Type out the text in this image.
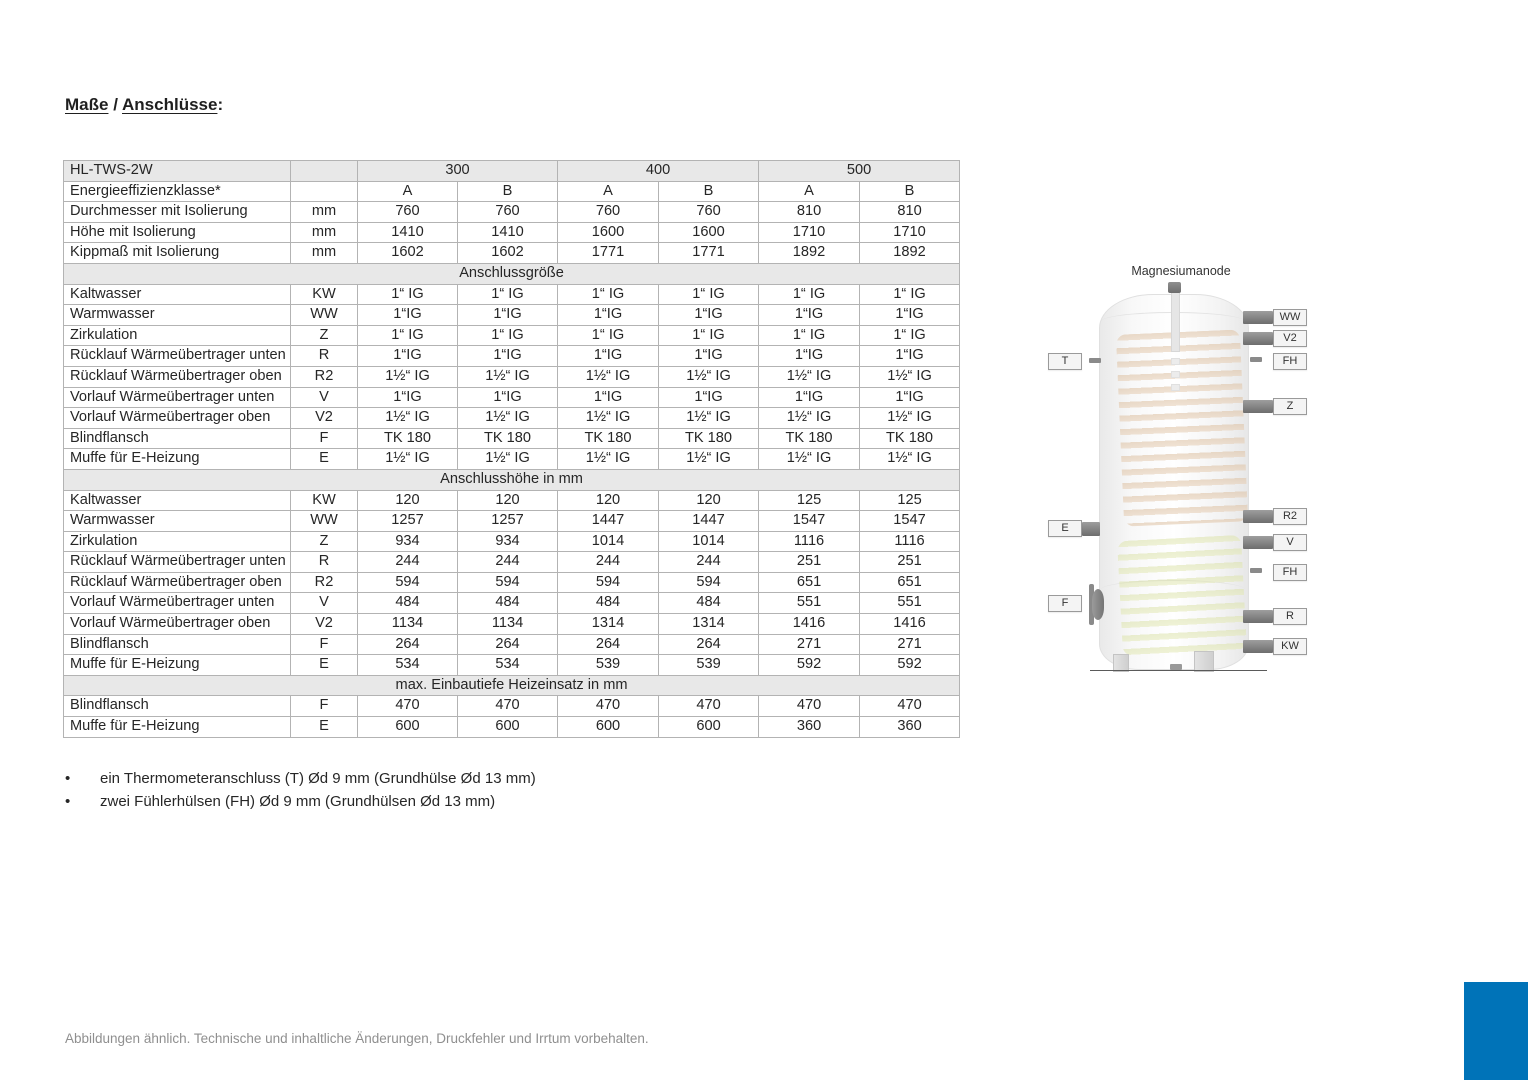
Maße / Anschlüsse:
HL-TWS-2W		300		400		500	
Energieeffizienzklasse*		A	B	A	B	A	B
Durchmesser mit Isolierung	mm	760	760	760	760	810	810
Höhe mit Isolierung	mm	1410	1410	1600	1600	1710	1710
Kippmaß mit Isolierung	mm	1602	1602	1771	1771	1892	1892
Anschlussgröße							
Kaltwasser	KW	1“ IG	1“ IG	1“ IG	1“ IG	1“ IG	1“ IG
Warmwasser	WW	1“IG	1“IG	1“IG	1“IG	1“IG	1“IG
Zirkulation	Z	1“ IG	1“ IG	1“ IG	1“ IG	1“ IG	1“ IG
Rücklauf Wärmeübertrager unten	R	1“IG	1“IG	1“IG	1“IG	1“IG	1“IG
Rücklauf Wärmeübertrager oben	R2	1½“ IG	1½“ IG	1½“ IG	1½“ IG	1½“ IG	1½“ IG
Vorlauf Wärmeübertrager unten	V	1“IG	1“IG	1“IG	1“IG	1“IG	1“IG
Vorlauf Wärmeübertrager oben	V2	1½“ IG	1½“ IG	1½“ IG	1½“ IG	1½“ IG	1½“ IG
Blindflansch	F	TK 180	TK 180	TK 180	TK 180	TK 180	TK 180
Muffe für E-Heizung	E	1½“ IG	1½“ IG	1½“ IG	1½“ IG	1½“ IG	1½“ IG
Anschlusshöhe in mm							
Kaltwasser	KW	120	120	120	120	125	125
Warmwasser	WW	1257	1257	1447	1447	1547	1547
Zirkulation	Z	934	934	1014	1014	1116	1116
Rücklauf Wärmeübertrager unten	R	244	244	244	244	251	251
Rücklauf Wärmeübertrager oben	R2	594	594	594	594	651	651
Vorlauf Wärmeübertrager unten	V	484	484	484	484	551	551
Vorlauf Wärmeübertrager oben	V2	1134	1134	1314	1314	1416	1416
Blindflansch	F	264	264	264	264	271	271
Muffe für E-Heizung	E	534	534	539	539	592	592
max. Einbautiefe Heizeinsatz in mm							
Blindflansch	F	470	470	470	470	470	470
Muffe für E-Heizung	E	600	600	600	600	360	360
Magnesiumanode
WW
V2
FH
Z
R2
V
FH
R
KW
T
E
F
•	ein Thermometeranschluss (T) Ød 9 mm (Grundhülse Ød 13 mm)
•	zwei Fühlerhülsen (FH) Ød 9 mm (Grundhülsen Ød 13 mm)
Abbildungen ähnlich. Technische und inhaltliche Änderungen, Druckfehler und Irrtum vorbehalten.
